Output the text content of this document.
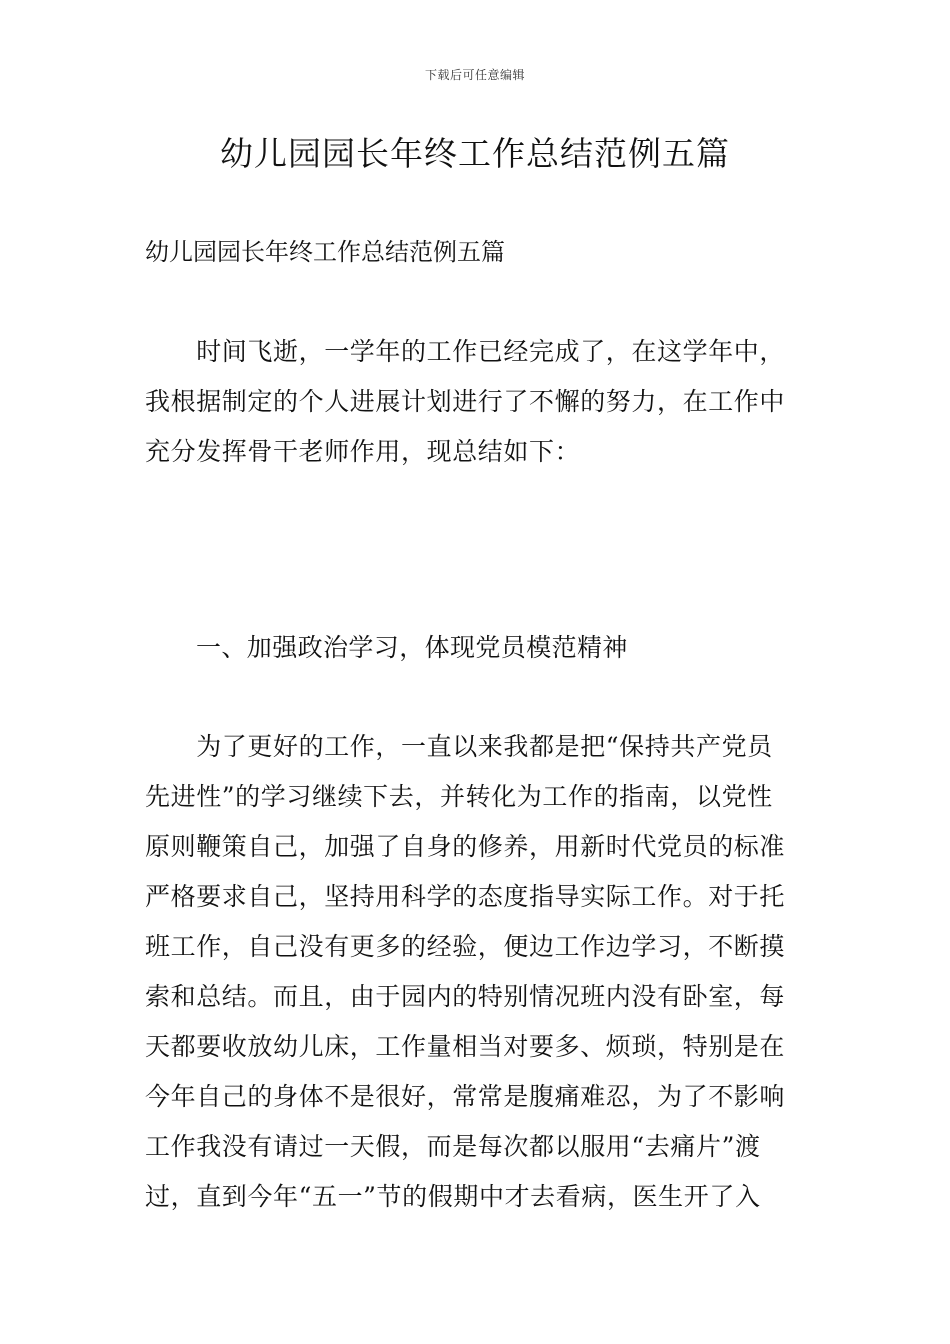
下载后可任意编辑
幼儿园园长年终工作总结范例五篇

幼儿园园长年终工作总结范例五篇

　　时间飞逝，一学年的工作已经完成了，在这学年中，
我根据制定的个人进展计划进行了不懈的努力，在工作中
充分发挥骨干老师作用，现总结如下：

一、加强政治学习，体现党员模范精神

　　为了更好的工作，一直以来我都是把“保持共产党员
先进性”的学习继续下去，并转化为工作的指南，以党性
原则鞭策自己，加强了自身的修养，用新时代党员的标准
严格要求自己，坚持用科学的态度指导实际工作。对于托
班工作，自己没有更多的经验，便边工作边学习，不断摸
索和总结。而且，由于园内的特别情况班内没有卧室，每
天都要收放幼儿床，工作量相当对要多、烦琐，特别是在
今年自己的身体不是很好，常常是腹痛难忍，为了不影响
工作我没有请过一天假，而是每次都以服用“去痛片”渡
过，直到今年“五一”节的假期中才去看病，医生开了入
